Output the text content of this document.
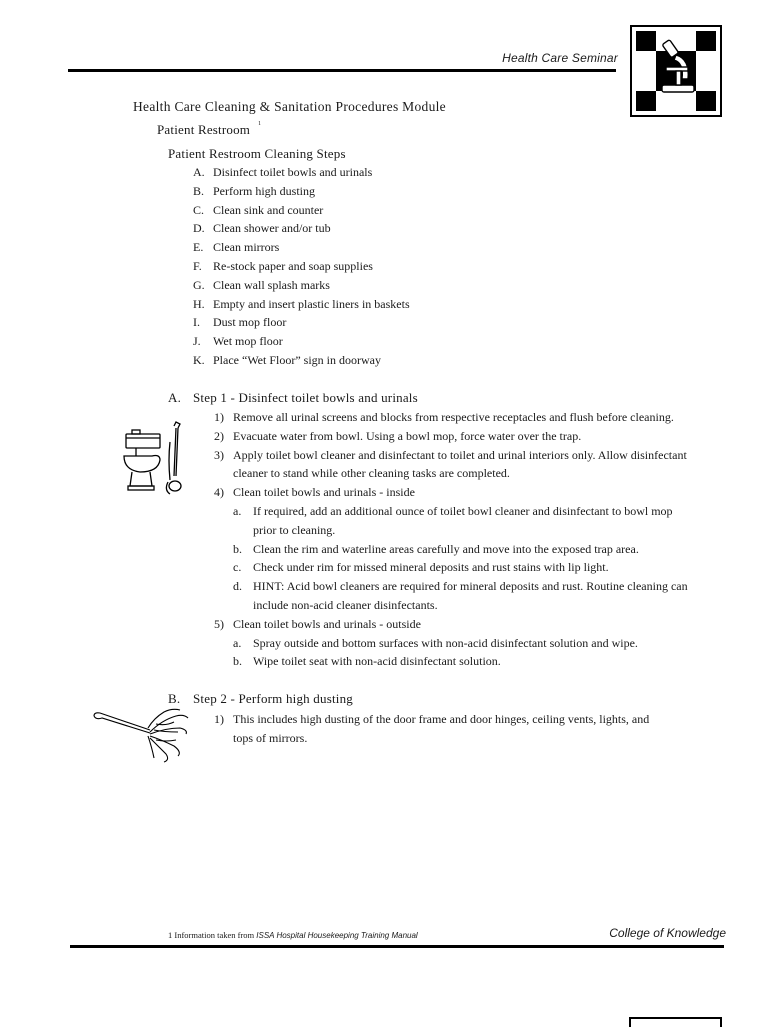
Health Care Seminar
Health Care Cleaning & Sanitation Procedures Module
Patient Restroom $^1$
Patient Restroom Cleaning Steps
A. Disinfect toilet bowls and urinals
B. Perform high dusting
C. Clean sink and counter
D. Clean shower and/or tub
E. Clean mirrors
F. Re-stock paper and soap supplies
G. Clean wall splash marks
H. Empty and insert plastic liners in baskets
I. Dust mop floor
J. Wet mop floor
K. Place “Wet Floor” sign in doorway
A. Step 1 - Disinfect toilet bowls and urinals
1) Remove all urinal screens and blocks from respective receptacles and flush before cleaning.
2) Evacuate water from bowl. Using a bowl mop, force water over the trap.
3) Apply toilet bowl cleaner and disinfectant to toilet and urinal interiors only. Allow disinfectant
cleaner to stand while other cleaning tasks are completed.
4) Clean toilet bowls and urinals - inside
a. If required, add an additional ounce of toilet bowl cleaner and disinfectant to bowl mop
prior to cleaning.
b. Clean the rim and waterline areas carefully and move into the exposed trap area.
c. Check under rim for missed mineral deposits and rust stains with lip light.
d. HINT: Acid bowl cleaners are required for mineral deposits and rust. Routine cleaning can
include non-acid cleaner disinfectants.
5) Clean toilet bowls and urinals - outside
a. Spray outside and bottom surfaces with non-acid disinfectant solution and wipe.
b. Wipe toilet seat with non-acid disinfectant solution.
B. Step 2 - Perform high dusting
1) This includes high dusting of the door frame and door hinges, ceiling vents, lights, and
tops of mirrors.
1 Information taken from ISSA Hospital Housekeeping Training Manual	College of Knowledge
